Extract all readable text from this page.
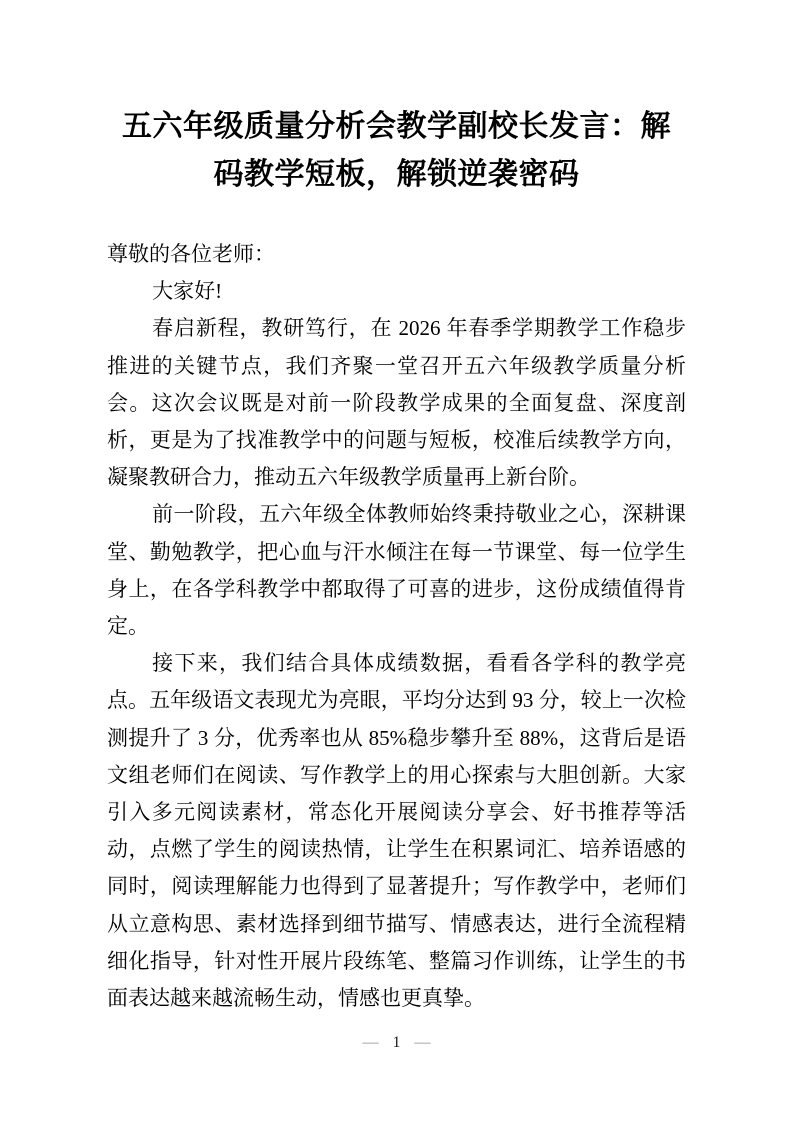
五六年级质量分析会教学副校长发言：解码教学短板，解锁逆袭密码

尊敬的各位老师：

大家好!

春启新程，教研笃行，在 2026 年春季学期教学工作稳步推进的关键节点，我们齐聚一堂召开五六年级教学质量分析会。这次会议既是对前一阶段教学成果的全面复盘、深度剖析，更是为了找准教学中的问题与短板，校准后续教学方向，凝聚教研合力，推动五六年级教学质量再上新台阶。

前一阶段，五六年级全体教师始终秉持敬业之心，深耕课堂、勤勉教学，把心血与汗水倾注在每一节课堂、每一位学生身上，在各学科教学中都取得了可喜的进步，这份成绩值得肯定。

接下来，我们结合具体成绩数据，看看各学科的教学亮点。五年级语文表现尤为亮眼，平均分达到 93 分，较上一次检测提升了 3 分，优秀率也从 85%稳步攀升至 88%，这背后是语文组老师们在阅读、写作教学上的用心探索与大胆创新。大家引入多元阅读素材，常态化开展阅读分享会、好书推荐等活动，点燃了学生的阅读热情，让学生在积累词汇、培养语感的同时，阅读理解能力也得到了显著提升；写作教学中，老师们从立意构思、素材选择到细节描写、情感表达，进行全流程精细化指导，针对性开展片段练笔、整篇习作训练，让学生的书面表达越来越流畅生动，情感也更真挚。

— 1 —
